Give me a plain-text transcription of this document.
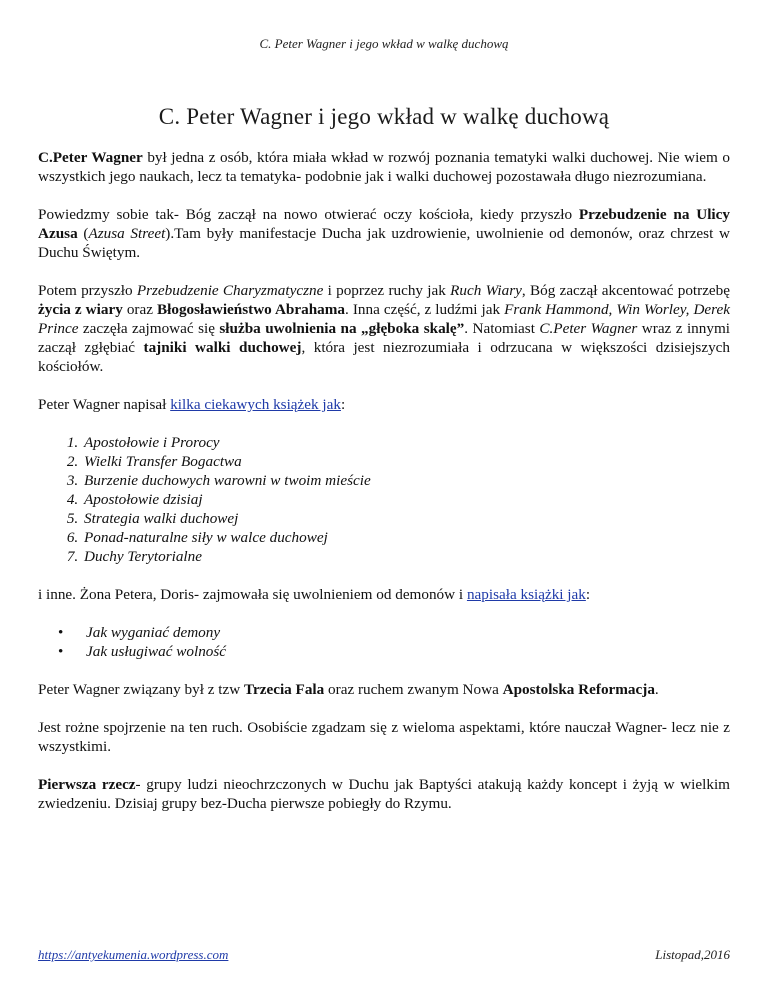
C. Peter Wagner i jego wkład w walkę duchową
C. Peter Wagner i jego wkład w walkę duchową

C.Peter Wagner był jedna z osób, która miała wkład w rozwój poznania tematyki walki duchowej. Nie wiem o wszystkich jego naukach, lecz ta tematyka- podobnie jak i walki duchowej pozostawała długo niezrozumiana.

Powiedzmy sobie tak- Bóg zaczął na nowo otwierać oczy kościoła, kiedy przyszło Przebudzenie na Ulicy Azusa (Azusa Street).Tam były manifestacje Ducha jak uzdrowienie, uwolnienie od demonów, oraz chrzest w Duchu Świętym.

Potem przyszło Przebudzenie Charyzmatyczne i poprzez ruchy jak Ruch Wiary, Bóg zaczął akcentować potrzebę życia z wiary oraz Błogosławieństwo Abrahama. Inna część, z ludźmi jak Frank Hammond, Win Worley, Derek Prince zaczęła zajmować się służba uwolnienia na „głęboka skalę”. Natomiast C.Peter Wagner wraz z innymi zaczął zgłębiać tajniki walki duchowej, która jest niezrozumiała i odrzucana w większości dzisiejszych kościołów.

Peter Wagner napisał kilka ciekawych książek jak:

1. Apostołowie i Prorocy
2. Wielki Transfer Bogactwa
3. Burzenie duchowych warowni w twoim mieście
4. Apostołowie dzisiaj
5. Strategia walki duchowej
6. Ponad-naturalne siły w walce duchowej
7. Duchy Terytorialne

i inne. Żona Petera, Doris- zajmowała się uwolnieniem od demonów i napisała książki jak:

• Jak wyganiać demony
• Jak usługiwać wolność

Peter Wagner związany był z tzw Trzecia Fala oraz ruchem zwanym Nowa Apostolska Reformacja.

Jest rożne spojrzenie na ten ruch. Osobiście zgadzam się z wieloma aspektami, które nauczał Wagner- lecz nie z wszystkimi.

Pierwsza rzecz- grupy ludzi nieochrzczonych w Duchu jak Baptyści atakują każdy koncept i żyją w wielkim zwiedzeniu. Dzisiaj grupy bez-Ducha pierwsze pobiegły do Rzymu.

https://antyekumenia.wordpress.com	Listopad,2016
